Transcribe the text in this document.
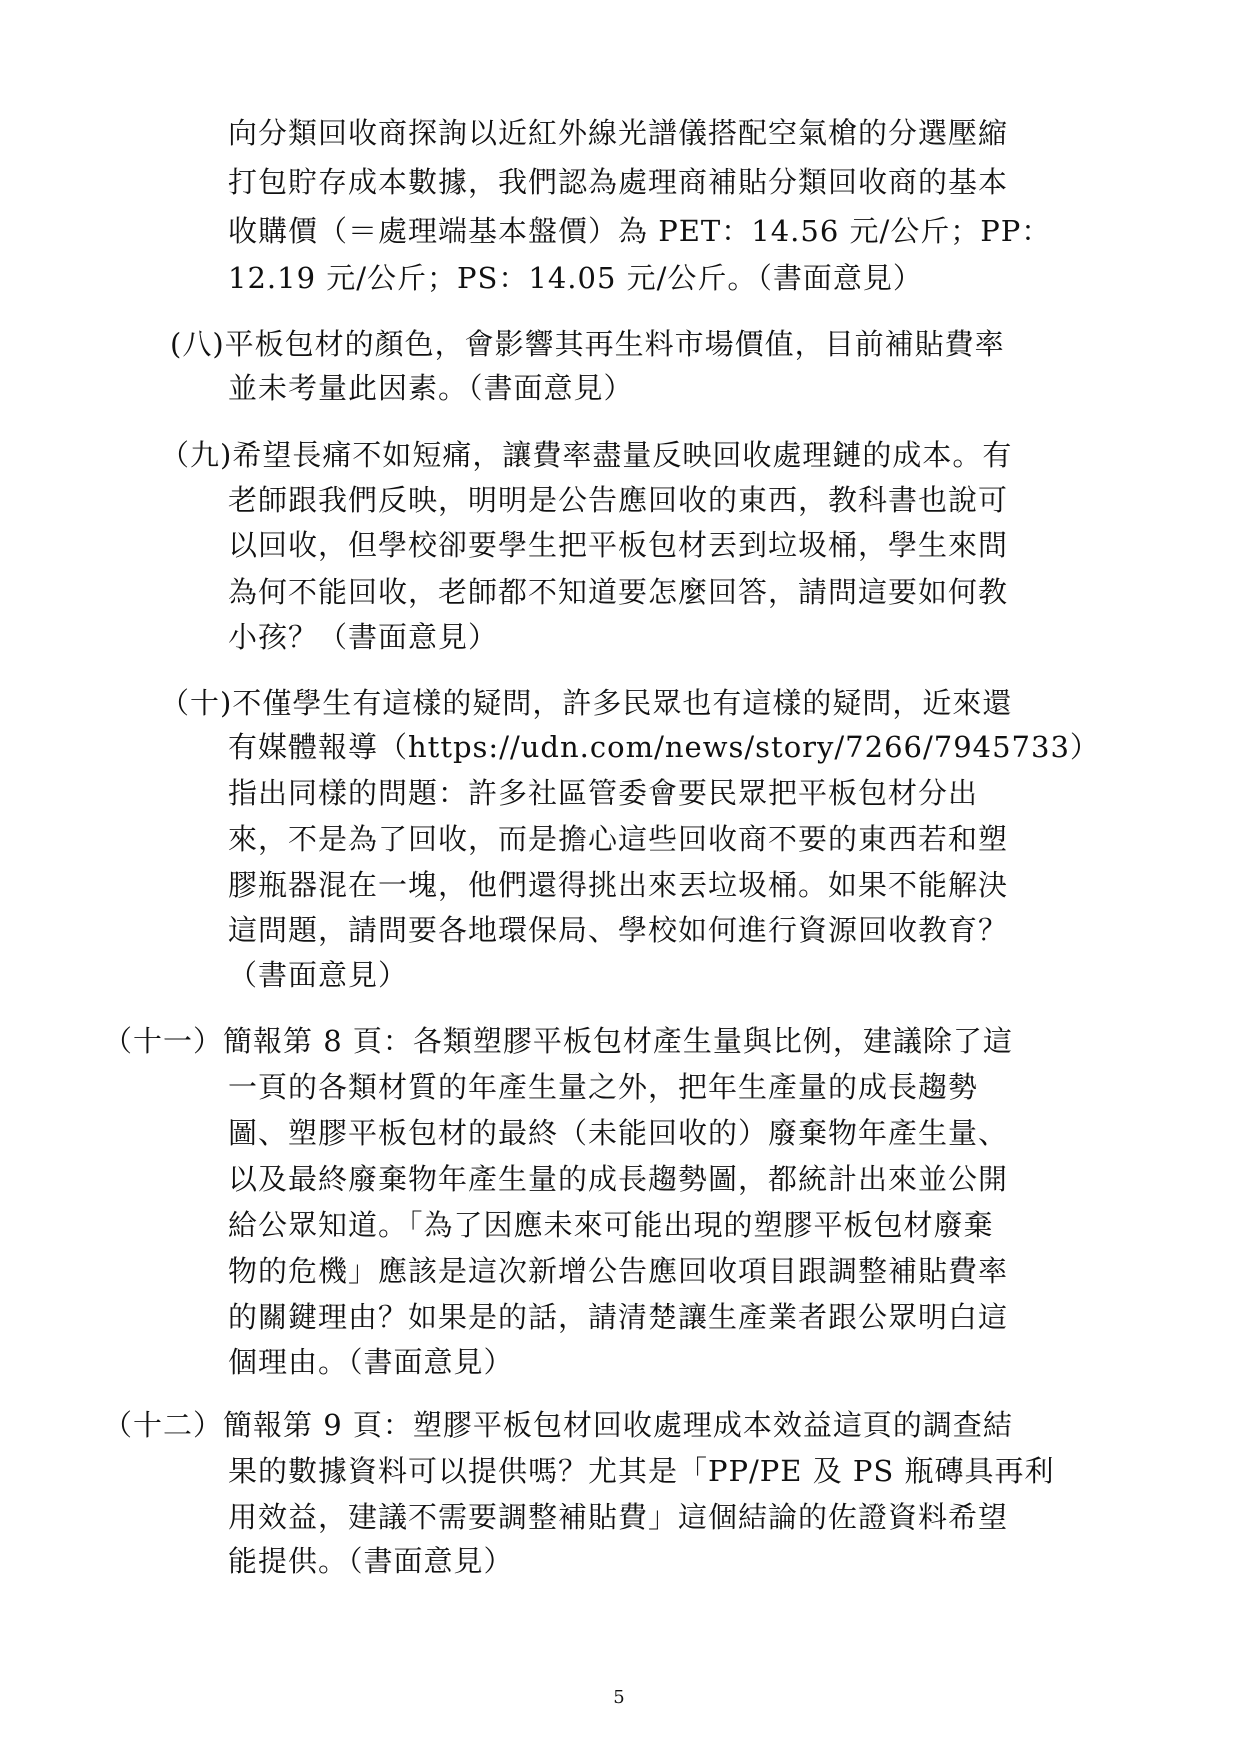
向分類回收商探詢以近紅外線光譜儀搭配空氣槍的分選壓縮
打包貯存成本數據，我們認為處理商補貼分類回收商的基本
收購價（＝處理端基本盤價）為 PET：14.56 元/公斤；PP：
12.19 元/公斤；PS：14.05 元/公斤。（書面意見）
(八)平板包材的顏色，會影響其再生料市場價值，目前補貼費率
並未考量此因素。（書面意見）
（九)希望長痛不如短痛，讓費率盡量反映回收處理鏈的成本。有
老師跟我們反映，明明是公告應回收的東西，教科書也說可
以回收，但學校卻要學生把平板包材丟到垃圾桶，學生來問
為何不能回收，老師都不知道要怎麼回答，請問這要如何教
小孩？（書面意見）
（十)不僅學生有這樣的疑問，許多民眾也有這樣的疑問，近來還
有媒體報導（https://udn.com/news/story/7266/7945733）
指出同樣的問題：許多社區管委會要民眾把平板包材分出
來，不是為了回收，而是擔心這些回收商不要的東西若和塑
膠瓶器混在一塊，他們還得挑出來丟垃圾桶。如果不能解決
這問題，請問要各地環保局、學校如何進行資源回收教育？
（書面意見）
（十一）簡報第 8 頁：各類塑膠平板包材產生量與比例，建議除了這
一頁的各類材質的年產生量之外，把年生產量的成長趨勢
圖、塑膠平板包材的最終（未能回收的）廢棄物年產生量、
以及最終廢棄物年產生量的成長趨勢圖，都統計出來並公開
給公眾知道。「為了因應未來可能出現的塑膠平板包材廢棄
物的危機」應該是這次新增公告應回收項目跟調整補貼費率
的關鍵理由？如果是的話，請清楚讓生產業者跟公眾明白這
個理由。（書面意見）
（十二）簡報第 9 頁：塑膠平板包材回收處理成本效益這頁的調查結
果的數據資料可以提供嗎？尤其是「PP/PE 及 PS 瓶磚具再利
用效益，建議不需要調整補貼費」這個結論的佐證資料希望
能提供。（書面意見）
5
